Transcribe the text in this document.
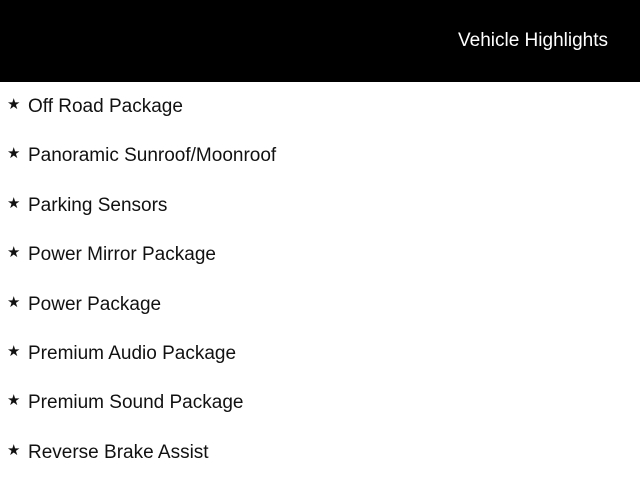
Vehicle Highlights
★ Off Road Package
★ Panoramic Sunroof/Moonroof
★ Parking Sensors
★ Power Mirror Package
★ Power Package
★ Premium Audio Package
★ Premium Sound Package
★ Reverse Brake Assist
